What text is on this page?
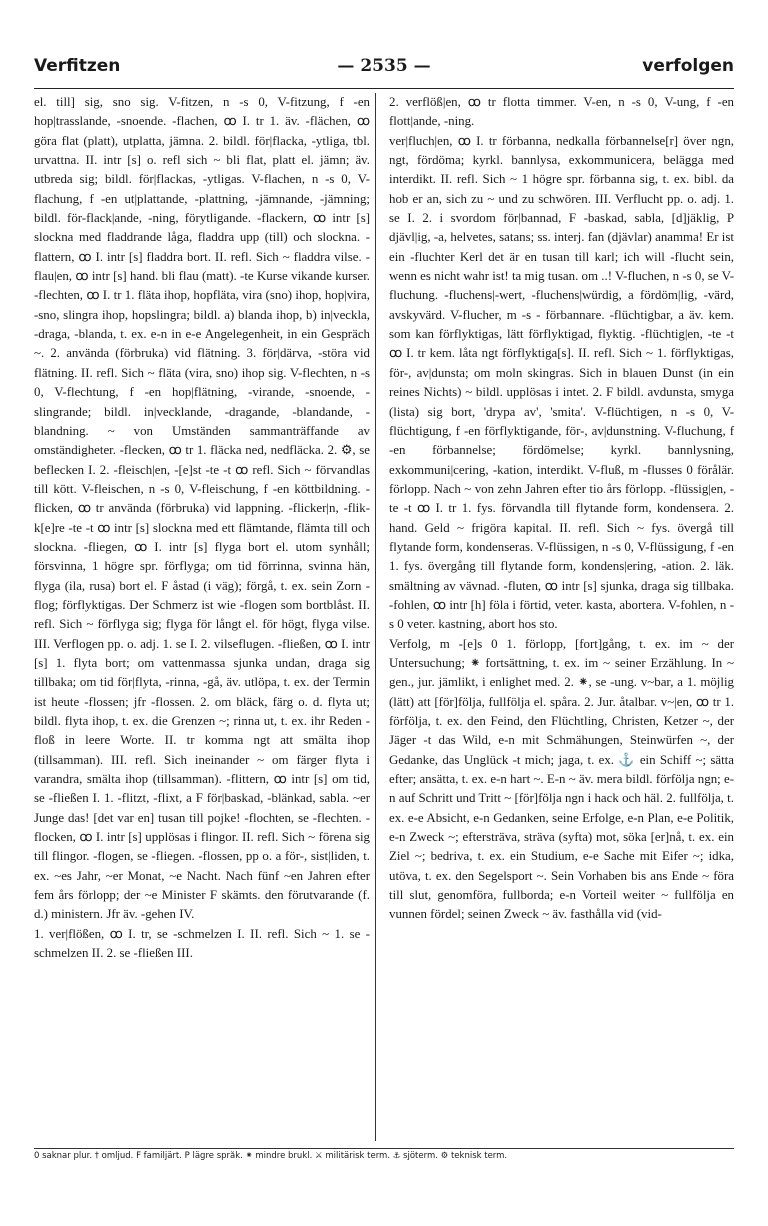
Verfitzen	— 2535 —	verfolgen

el. till] sig, sno sig. V-fitzen, n -s 0, V-fitzung, f -en hop|trasslande, -snoende. -flachen, ꝏ I. tr 1. äv. -flächen, ꝏ göra flat (platt), utplatta, jämna. 2. bildl. för|flacka, -ytliga, tbl. urvattna. II. intr [s] o. refl sich ~ bli flat, platt el. jämn; äv. utbreda sig; bildl. för|flackas, -ytligas. V-flachen, n -s 0, V-flachung, f -en ut|plattande, -plattning, -jämnande, -jämning; bildl. för-flack|ande, -ning, förytligande. -flackern, ꝏ intr [s] slockna med fladdrande låga, fladdra upp (till) och slockna. -flattern, ꝏ I. intr [s] fladdra bort. II. refl. Sich ~ fladdra vilse. -flau|en, ꝏ intr [s] hand. bli flau (matt). -te Kurse vikande kurser. -flechten, ꝏ I. tr 1. fläta ihop, hopfläta, vira (sno) ihop, hop|vira, -sno, slingra ihop, hopslingra; bildl. a) blanda ihop, b) in|veckla, -draga, -blanda, t. ex. e-n in e-e Angelegenheit, in ein Gespräch ~. 2. använda (förbruka) vid flätning. 3. för|därva, -störa vid flätning. II. refl. Sich ~ fläta (vira, sno) ihop sig. V-flechten, n -s 0, V-flechtung, f -en hop|flätning, -virande, -snoende, -slingrande; bildl. in|vecklande, -dragande, -blandande, -blandning. ~ von Umständen sammanträffande av omständigheter. -flecken, ꝏ tr 1. fläcka ned, nedfläcka. 2. ⚙, se beflecken I. 2. -fleisch|en, -[e]st -te -t ꝏ refl. Sich ~ förvandlas till kött. V-fleischen, n -s 0, V-fleischung, f -en köttbildning. -flicken, ꝏ tr använda (förbruka) vid lappning. -flicker|n, -flik-k[e]re -te -t ꝏ intr [s] slockna med ett flämtande, flämta till och slockna. -fliegen, ꝏ I. intr [s] flyga bort el. utom synhåll; försvinna, 1 högre spr. förflyga; om tid förrinna, svinna hän, flyga (ila, rusa) bort el. F åstad (i väg); förgå, t. ex. sein Zorn -flog; förflyktigas. Der Schmerz ist wie -flogen som bortblåst. II. refl. Sich ~ förflyga sig; flyga för långt el. för högt, flyga vilse. III. Verflogen pp. o. adj. 1. se I. 2. vilseflugen. -fließen, ꝏ I. intr [s] 1. flyta bort; om vattenmassa sjunka undan, draga sig tillbaka; om tid för|flyta, -rinna, -gå, äv. utlöpa, t. ex. der Termin ist heute -flossen; jfr -flossen. 2. om bläck, färg o. d. flyta ut; bildl. flyta ihop, t. ex. die Grenzen ~; rinna ut, t. ex. ihr Reden -floß in leere Worte. II. tr komma ngt att smälta ihop (tillsamman). III. refl. Sich ineinander ~ om färger flyta i varandra, smälta ihop (tillsamman). -flittern, ꝏ intr [s] om tid, se -fließen I. 1. -flitzt, -flixt, a F för|baskad, -blänkad, sabla. ~er Junge das! [det var en] tusan till pojke! -flochten, se -flechten. -flocken, ꝏ I. intr [s] upplösas i flingor. II. refl. Sich ~ förena sig till flingor. -flogen, se -fliegen. -flossen, pp o. a för-, sist|liden, t. ex. ~es Jahr, ~er Monat, ~e Nacht. Nach fünf ~en Jahren efter fem års förlopp; der ~e Minister F skämts. den förutvarande (f. d.) ministern. Jfr äv. -gehen IV.

1. ver|flößen, ꝏ I. tr, se -schmelzen I. II. refl. Sich ~ 1. se -schmelzen II. 2. se -fließen III.

2. verflöß|en, ꝏ tr flotta timmer. V-en, n -s 0, V-ung, f -en flott|ande, -ning.

ver|fluch|en, ꝏ I. tr förbanna, nedkalla förbannelse[r] över ngn, ngt, fördöma; kyrkl. bannlysa, exkommunicera, belägga med interdikt. II. refl. Sich ~ 1 högre spr. förbanna sig, t. ex. bibl. da hob er an, sich zu ~ und zu schwören. III. Verflucht pp. o. adj. 1. se I. 2. i svordom för|bannad, F -baskad, sabla, [d]jäklig, P djävl|ig, -a, helvetes, satans; ss. interj. fan (djävlar) anamma! Er ist ein -fluchter Kerl det är en tusan till karl; ich will -flucht sein, wenn es nicht wahr ist! ta mig tusan. om ..! V-fluchen, n -s 0, se V-fluchung. -fluchens|-wert, -fluchens|würdig, a fördöm|lig, -värd, avskyvärd. V-flucher, m -s - förbannare. -flüchtigbar, a äv. kem. som kan förflyktigas, lätt förflyktigad, flyktig. -flüchtig|en, -te -t ꝏ I. tr kem. låta ngt förflyktiga[s]. II. refl. Sich ~ 1. förflyktigas, för-, av|dunsta; om moln skingras. Sich in blauen Dunst (in ein reines Nichts) ~ bildl. upplösas i intet. 2. F bildl. avdunsta, smyga (lista) sig bort, 'drypa av', 'smita'. V-flüchtigen, n -s 0, V-flüchtigung, f -en förflyktigande, för-, av|dunstning. V-fluchung, f -en förbannelse; fördömelse; kyrkl. bannlysning, exkommuni|cering, -kation, interdikt. V-fluß, m -flusses 0 förålär. förlopp. Nach ~ von zehn Jahren efter tio års förlopp. -flüssig|en, -te -t ꝏ I. tr 1. fys. förvandla till flytande form, kondensera. 2. hand. Geld ~ frigöra kapital. II. refl. Sich ~ fys. övergå till flytande form, kondenseras. V-flüssigen, n -s 0, V-flüssigung, f -en 1. fys. övergång till flytande form, kondens|ering, -ation. 2. läk. smältning av vävnad. -fluten, ꝏ intr [s] sjunka, draga sig tillbaka. -fohlen, ꝏ intr [h] föla i förtid, veter. kasta, abortera. V-fohlen, n -s 0 veter. kastning, abort hos sto.

Verfolg, m -[e]s 0 1. förlopp, [fort]gång, t. ex. im ~ der Untersuchung; ⁕ fortsättning, t. ex. im ~ seiner Erzählung. In ~ gen., jur. jämlikt, i enlighet med. 2. ⁕, se -ung. v~bar, a 1. möjlig (lätt) att [för]följa, fullfölja el. spåra. 2. Jur. åtalbar. v~|en, ꝏ tr 1. förfölja, t. ex. den Feind, den Flüchtling, Christen, Ketzer ~, der Jäger -t das Wild, e-n mit Schmähungen, Steinwürfen ~, der Gedanke, das Unglück -t mich; jaga, t. ex. ⚓ ein Schiff ~; sätta efter; ansätta, t. ex. e-n hart ~. E-n ~ äv. mera bildl. förfölja ngn; e-n auf Schritt und Tritt ~ [för]följa ngn i hack och häl. 2. fullfölja, t. ex. e-e Absicht, e-n Gedanken, seine Erfolge, e-n Plan, e-e Politik, e-n Zweck ~; eftersträva, sträva (syfta) mot, söka [er]nå, t. ex. ein Ziel ~; bedriva, t. ex. ein Studium, e-e Sache mit Eifer ~; idka, utöva, t. ex. den Segelsport ~. Sein Vorhaben bis ans Ende ~ föra till slut, genomföra, fullborda; e-n Vorteil weiter ~ fullfölja en vunnen fördel; seinen Zweck ~ äv. fasthålla vid (vid-

0 saknar plur. † omljud. F familjärt. P lägre språk. ⁕ mindre brukl. ⚔ militärisk term. ⚓ sjöterm. ⚙ teknisk term.
